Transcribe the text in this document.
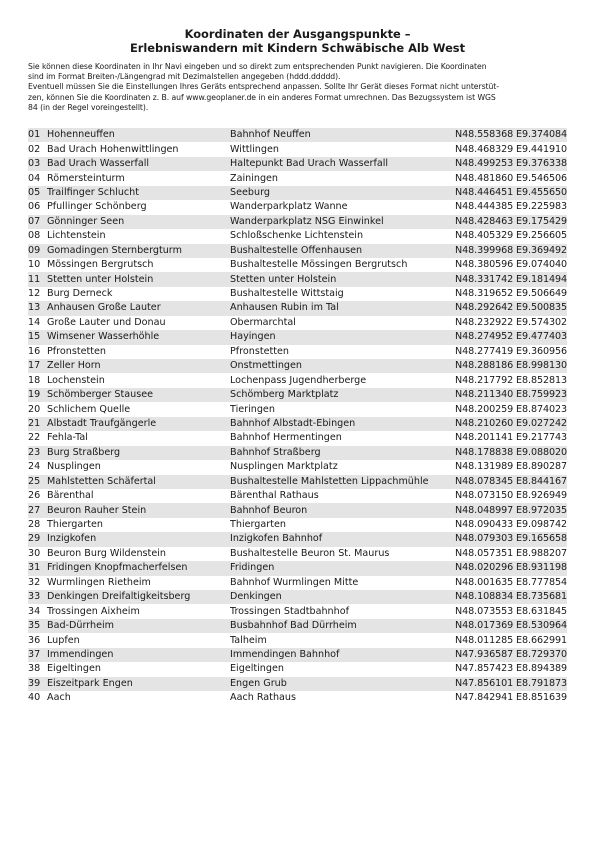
Koordinaten der Ausgangspunkte –
Erlebniswandern mit Kindern Schwäbische Alb West
Sie können diese Koordinaten in Ihr Navi eingeben und so direkt zum entsprechenden Punkt navigieren. Die Koordinaten
sind im Format Breiten-/Längengrad mit Dezimalstellen angegeben (hddd.ddddd).
Eventuell müssen Sie die Einstellungen Ihres Geräts entsprechend anpassen. Sollte Ihr Gerät dieses Format nicht unterstüt-
zen, können Sie die Koordinaten z. B. auf www.geoplaner.de in ein anderes Format umrechnen. Das Bezugssystem ist WGS
84 (in der Regel voreingestellt).
01	Hohenneuffen	Bahnhof Neuffen	N48.558368 E9.374084
02	Bad Urach Hohenwittlingen	Wittlingen	N48.468329 E9.441910
03	Bad Urach Wasserfall	Haltepunkt Bad Urach Wasserfall	N48.499253 E9.376338
04	Römersteinturm	Zainingen	N48.481860 E9.546506
05	Trailfinger Schlucht	Seeburg	N48.446451 E9.455650
06	Pfullinger Schönberg	Wanderparkplatz Wanne	N48.444385 E9.225983
07	Gönninger Seen	Wanderparkplatz NSG Einwinkel	N48.428463 E9.175429
08	Lichtenstein	Schloßschenke Lichtenstein	N48.405329 E9.256605
09	Gomadingen Sternbergturm	Bushaltestelle Offenhausen	N48.399968 E9.369492
10	Mössingen Bergrutsch	Bushaltestelle Mössingen Bergrutsch	N48.380596 E9.074040
11	Stetten unter Holstein	Stetten unter Holstein	N48.331742 E9.181494
12	Burg Derneck	Bushaltestelle Wittstaig	N48.319652 E9.506649
13	Anhausen Große Lauter	Anhausen Rubin im Tal	N48.292642 E9.500835
14	Große Lauter und Donau	Obermarchtal	N48.232922 E9.574302
15	Wimsener Wasserhöhle	Hayingen	N48.274952 E9.477403
16	Pfronstetten	Pfronstetten	N48.277419 E9.360956
17	Zeller Horn	Onstmettingen	N48.288186 E8.998130
18	Lochenstein	Lochenpass Jugendherberge	N48.217792 E8.852813
19	Schömberger Stausee	Schömberg Marktplatz	N48.211340 E8.759923
20	Schlichem Quelle	Tieringen	N48.200259 E8.874023
21	Albstadt Traufgängerle	Bahnhof Albstadt-Ebingen	N48.210260 E9.027242
22	Fehla-Tal	Bahnhof Hermentingen	N48.201141 E9.217743
23	Burg Straßberg	Bahnhof Straßberg	N48.178838 E9.088020
24	Nusplingen	Nusplingen Marktplatz	N48.131989 E8.890287
25	Mahlstetten Schäfertal	Bushaltestelle Mahlstetten Lippachmühle	N48.078345 E8.844167
26	Bärenthal	Bärenthal Rathaus	N48.073150 E8.926949
27	Beuron Rauher Stein	Bahnhof Beuron	N48.048997 E8.972035
28	Thiergarten	Thiergarten	N48.090433 E9.098742
29	Inzigkofen	Inzigkofen Bahnhof	N48.079303 E9.165658
30	Beuron Burg Wildenstein	Bushaltestelle Beuron St. Maurus	N48.057351 E8.988207
31	Fridingen Knopfmacherfelsen	Fridingen	N48.020296 E8.931198
32	Wurmlingen Rietheim	Bahnhof Wurmlingen Mitte	N48.001635 E8.777854
33	Denkingen Dreifaltigkeitsberg	Denkingen	N48.108834 E8.735681
34	Trossingen Aixheim	Trossingen Stadtbahnhof	N48.073553 E8.631845
35	Bad-Dürrheim	Busbahnhof Bad Dürrheim	N48.017369 E8.530964
36	Lupfen	Talheim	N48.011285 E8.662991
37	Immendingen	Immendingen Bahnhof	N47.936587 E8.729370
38	Eigeltingen	Eigeltingen	N47.857423 E8.894389
39	Eiszeitpark Engen	Engen Grub	N47.856101 E8.791873
40	Aach	Aach Rathaus	N47.842941 E8.851639
